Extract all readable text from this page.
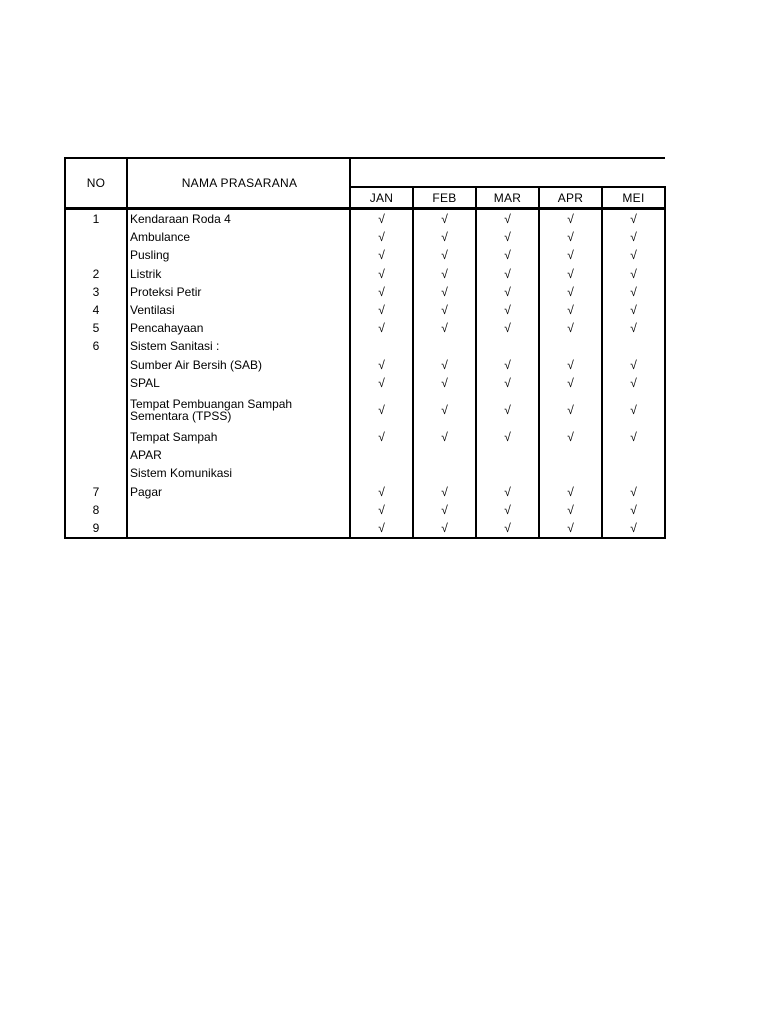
NO	NAMA PRASARANA					
		JAN	FEB	MAR	APR	MEI
1	Kendaraan Roda 4	√	√	√	√	√
	Ambulance	√	√	√	√	√
	Pusling	√	√	√	√	√
2	Listrik	√	√	√	√	√
3	Proteksi Petir	√	√	√	√	√
4	Ventilasi	√	√	√	√	√
5	Pencahayaan	√	√	√	√	√
6	Sistem Sanitasi :					
	Sumber Air Bersih (SAB)	√	√	√	√	√
	SPAL	√	√	√	√	√

	Tempat Pembuangan Sampah Sementara (TPSS)	√	√	√	√	√
	Tempat Sampah	√	√	√	√	√
	APAR					
	Sistem Komunikasi					
7	Pagar	√	√	√	√	√
8		√	√	√	√	√
9		√	√	√	√	√
